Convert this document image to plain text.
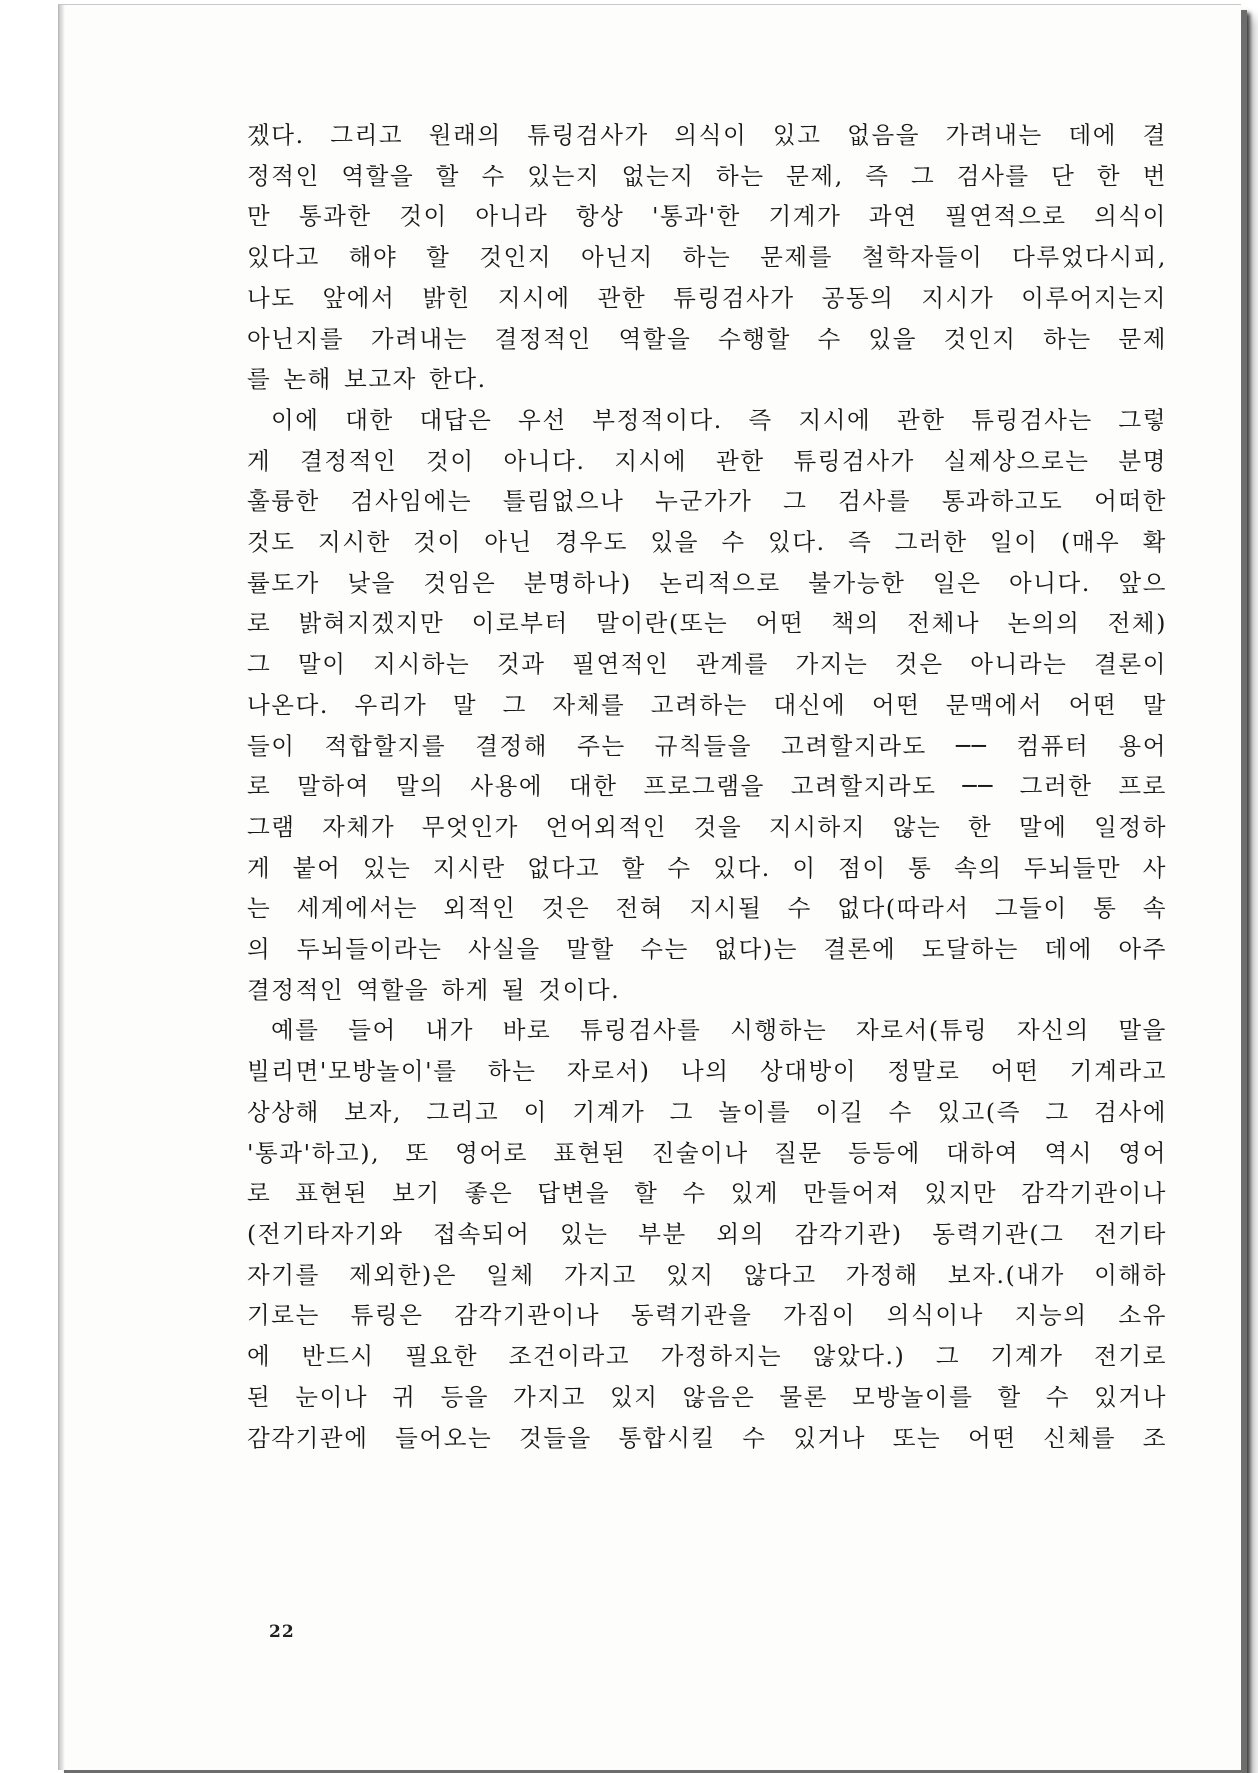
겠다. 그리고 원래의 튜링검사가 의식이 있고 없음을 가려내는 데에 결

정적인 역할을 할 수 있는지 없는지 하는 문제, 즉 그 검사를 단 한 번

만 통과한 것이 아니라 항상 '통과'한 기계가 과연 필연적으로 의식이

있다고 해야 할 것인지 아닌지 하는 문제를 철학자들이 다루었다시피,

나도 앞에서 밝힌 지시에 관한 튜링검사가 공동의 지시가 이루어지는지

아닌지를 가려내는 결정적인 역할을 수행할 수 있을 것인지 하는 문제

를 논해 보고자 한다.

이에 대한 대답은 우선 부정적이다. 즉 지시에 관한 튜링검사는 그렇

게 결정적인 것이 아니다. 지시에 관한 튜링검사가 실제상으로는 분명

훌륭한 검사임에는 틀림없으나 누군가가 그 검사를 통과하고도 어떠한

것도 지시한 것이 아닌 경우도 있을 수 있다. 즉 그러한 일이 (매우 확

률도가 낮을 것임은 분명하나) 논리적으로 불가능한 일은 아니다. 앞으

로 밝혀지겠지만 이로부터 말이란(또는 어떤 책의 전체나 논의의 전체)

그 말이 지시하는 것과 필연적인 관계를 가지는 것은 아니라는 결론이

나온다. 우리가 말 그 자체를 고려하는 대신에 어떤 문맥에서 어떤 말

들이 적합할지를 결정해 주는 규칙들을 고려할지라도 ── 컴퓨터 용어

로 말하여 말의 사용에 대한 프로그램을 고려할지라도 ── 그러한 프로

그램 자체가 무엇인가 언어외적인 것을 지시하지 않는 한 말에 일정하

게 붙어 있는 지시란 없다고 할 수 있다. 이 점이 통 속의 두뇌들만 사

는 세계에서는 외적인 것은 전혀 지시될 수 없다(따라서 그들이 통 속

의 두뇌들이라는 사실을 말할 수는 없다)는 결론에 도달하는 데에 아주

결정적인 역할을 하게 될 것이다.

예를 들어 내가 바로 튜링검사를 시행하는 자로서(튜링 자신의 말을

빌리면'모방놀이'를 하는 자로서) 나의 상대방이 정말로 어떤 기계라고

상상해 보자, 그리고 이 기계가 그 놀이를 이길 수 있고(즉 그 검사에

'통과'하고), 또 영어로 표현된 진술이나 질문 등등에 대하여 역시 영어

로 표현된 보기 좋은 답변을 할 수 있게 만들어져 있지만 감각기관이나

(전기타자기와 접속되어 있는 부분 외의 감각기관) 동력기관(그 전기타

자기를 제외한)은 일체 가지고 있지 않다고 가정해 보자.(내가 이해하

기로는 튜링은 감각기관이나 동력기관을 가짐이 의식이나 지능의 소유

에 반드시 필요한 조건이라고 가정하지는 않았다.) 그 기계가 전기로

된 눈이나 귀 등을 가지고 있지 않음은 물론 모방놀이를 할 수 있거나

감각기관에 들어오는 것들을 통합시킬 수 있거나 또는 어떤 신체를 조

22
